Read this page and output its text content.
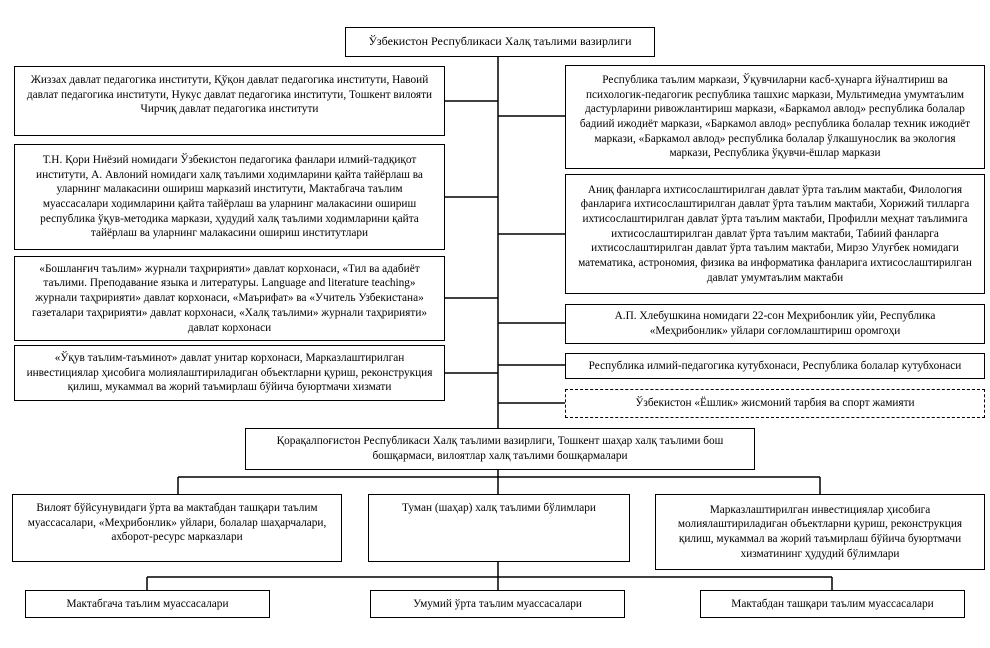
Ўзбекистон Республикаси Халқ таълими вазирлиги
Жиззах давлат педагогика институти, Қўқон давлат педагогика институти, Навоий давлат педагогика институти, Нукус давлат педагогика институти, Тошкент вилояти Чирчиқ давлат педагогика институти
Т.Н. Қори Ниёзий номидаги Ўзбекистон педагогика фанлари илмий-тадқиқот институти, А. Авлоний номидаги халқ таълими ходимларини қайта тайёрлаш ва уларнинг малакасини ошириш марказий институти, Мактабгача таълим муассасалари ходимларини қайта тайёрлаш ва уларнинг малакасини ошириш республика ўқув-методика маркази, ҳудудий халқ таълими ходимларини қайта тайёрлаш ва уларнинг малакасини ошириш институтлари
«Бошланғич таълим» журнали таҳририяти» давлат корхонаси, «Тил ва адабиёт таълими. Преподавание языка и литературы. Language and literature teaching» журнали таҳририяти» давлат корхонаси, «Маърифат» ва «Учитель Узбекистана» газеталари таҳририяти» давлат корхонаси, «Халқ таълими» журнали таҳририяти» давлат корхонаси
«Ўқув таълим-таъминот» давлат унитар корхонаси, Марказлаштирилган инвестициялар ҳисобига молиялаштириладиган объектларни қуриш, реконструкция қилиш, мукаммал ва жорий таъмирлаш бўйича буюртмачи хизмати
Республика таълим маркази, Ўқувчиларни касб-ҳунарга йўналтириш ва психологик-педагогик республика ташхис маркази, Мультимедиа умумтаълим дастурларини ривожлантириш маркази, «Баркамол авлод» республика болалар бадиий ижодиёт маркази, «Баркамол авлод» республика болалар техник ижодиёт маркази, «Баркамол авлод» республика болалар ўлкашунослик ва экология маркази, Республика ўқувчи-ёшлар маркази
Аниқ фанларга ихтисослаштирилган давлат ўрта таълим мактаби, Филология фанларига ихтисослаштирилган давлат ўрта таълим мактаби, Хорижий тилларга ихтисослаштирилган давлат ўрта таълим мактаби, Профилли меҳнат таълимига ихтисослаштирилган давлат ўрта таълим мактаби, Табиий фанларга ихтисослаштирилган давлат ўрта таълим мактаби, Мирзо Улуғбек номидаги математика, астрономия, физика ва информатика фанларига ихтисослаштирилган давлат умумтаълим мактаби
А.П. Хлебушкина номидаги 22-сон Меҳрибонлик уйи, Республика «Меҳрибонлик» уйлари соғломлаштириш оромгоҳи
Республика илмий-педагогика кутубхонаси, Республика болалар кутубхонаси
Ўзбекистон «Ёшлик» жисмоний тарбия ва спорт жамияти
Қорақалпоғистон Республикаси Халқ таълими вазирлиги, Тошкент шаҳар халқ таълими бош бошқармаси, вилоятлар халқ таълими бошқармалари
Вилоят бўйсунувидаги ўрта ва мактабдан ташқари таълим муассасалари, «Меҳрибонлик» уйлари, болалар шаҳарчалари, ахборот-ресурс марказлари
Туман (шаҳар) халқ таълими бўлимлари	Марказлаштирилган инвестициялар ҳисобига молиялаштириладиган объектларни қуриш, реконструкция қилиш, мукаммал ва жорий таъмирлаш бўйича буюртмачи хизматининг ҳудудий бўлимлари
Мактабгача таълим муассасалари	Умумий ўрта таълим муассасалари	Мактабдан ташқари таълим муассасалари
